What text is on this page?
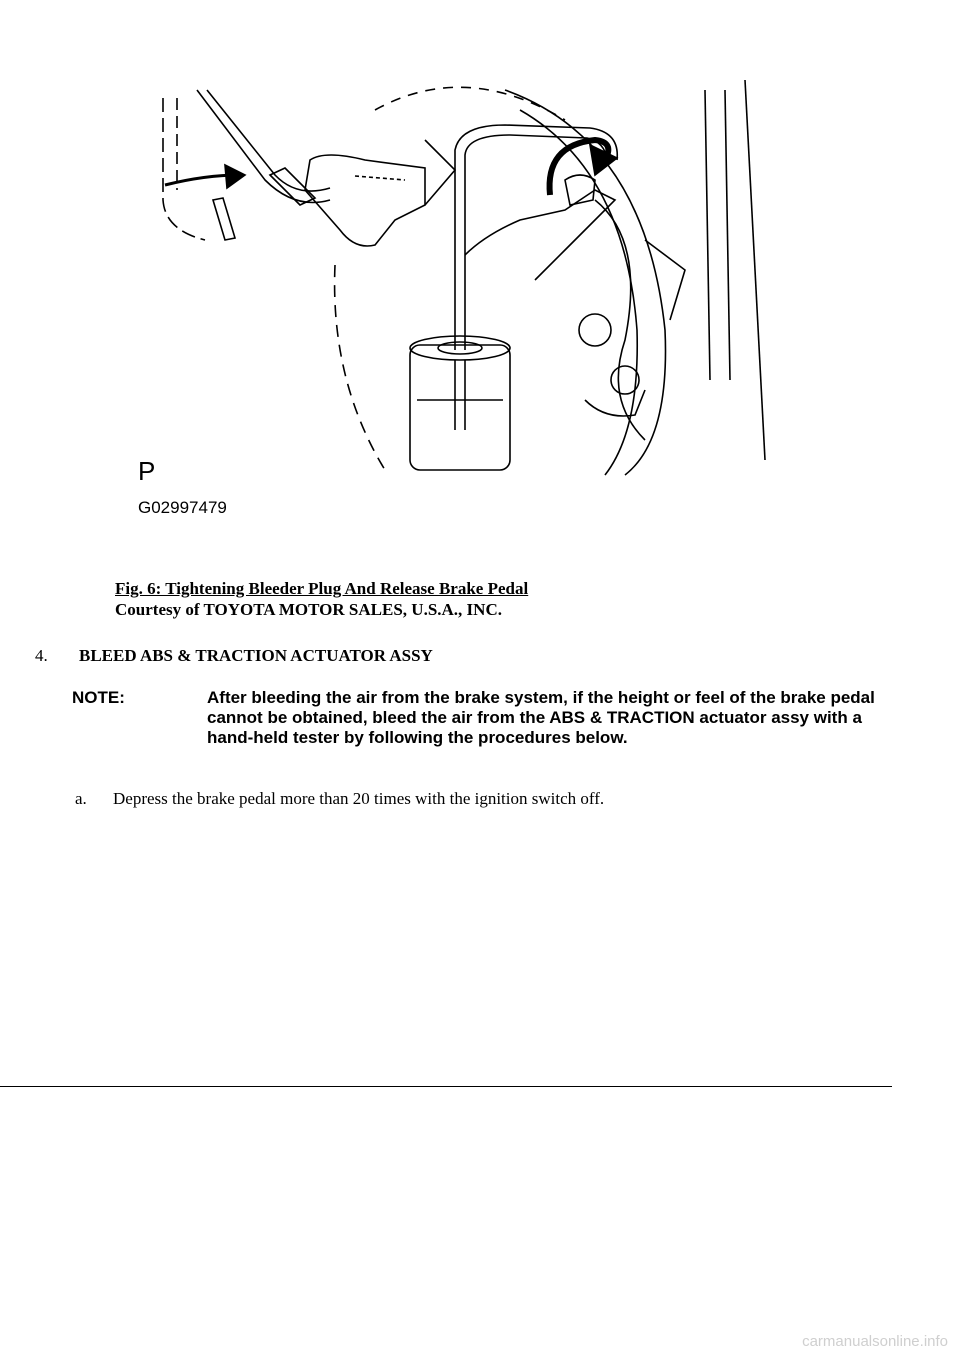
P
G02997479
Fig. 6: Tightening Bleeder Plug And Release Brake Pedal
Courtesy of TOYOTA MOTOR SALES, U.S.A., INC.
4. BLEED ABS & TRACTION ACTUATOR ASSY
NOTE:	After bleeding the air from the brake system, if the height or feel of the brake pedal cannot be obtained, bleed the air from the ABS & TRACTION actuator assy with a hand-held tester by following the procedures below.
a. Depress the brake pedal more than 20 times with the ignition switch off.
carmanualsonline.info
